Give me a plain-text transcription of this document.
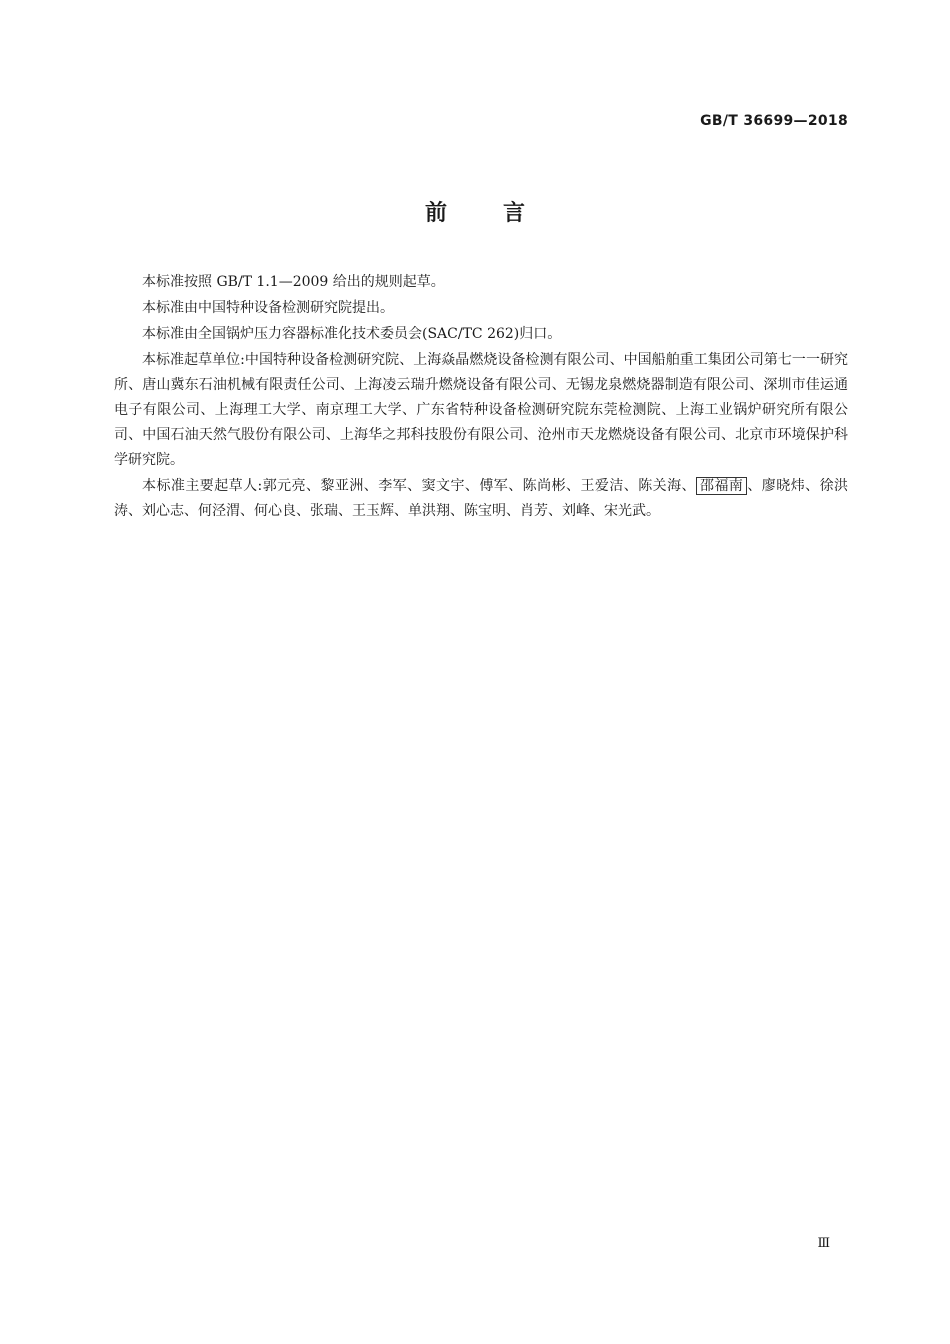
GB/T 36699—2018
前言

本标准按照 GB/T 1.1—2009 给出的规则起草。

本标准由中国特种设备检测研究院提出。

本标准由全国锅炉压力容器标准化技术委员会(SAC/TC 262)归口。

本标准起草单位:中国特种设备检测研究院、上海焱晶燃烧设备检测有限公司、中国船舶重工集团公司第七一一研究所、唐山冀东石油机械有限责任公司、上海凌云瑞升燃烧设备有限公司、无锡龙泉燃烧器制造有限公司、深圳市佳运通电子有限公司、上海理工大学、南京理工大学、广东省特种设备检测研究院东莞检测院、上海工业锅炉研究所有限公司、中国石油天然气股份有限公司、上海华之邦科技股份有限公司、沧州市天龙燃烧设备有限公司、北京市环境保护科学研究院。

本标准主要起草人:郭元亮、黎亚洲、李军、窦文宇、傅军、陈尚彬、王爱洁、陈关海、 邵福南 、廖晓炜、徐洪涛、刘心志、何泾渭、何心良、张瑞、王玉辉、单洪翔、陈宝明、肖芳、刘峰、宋光武。

Ⅲ
